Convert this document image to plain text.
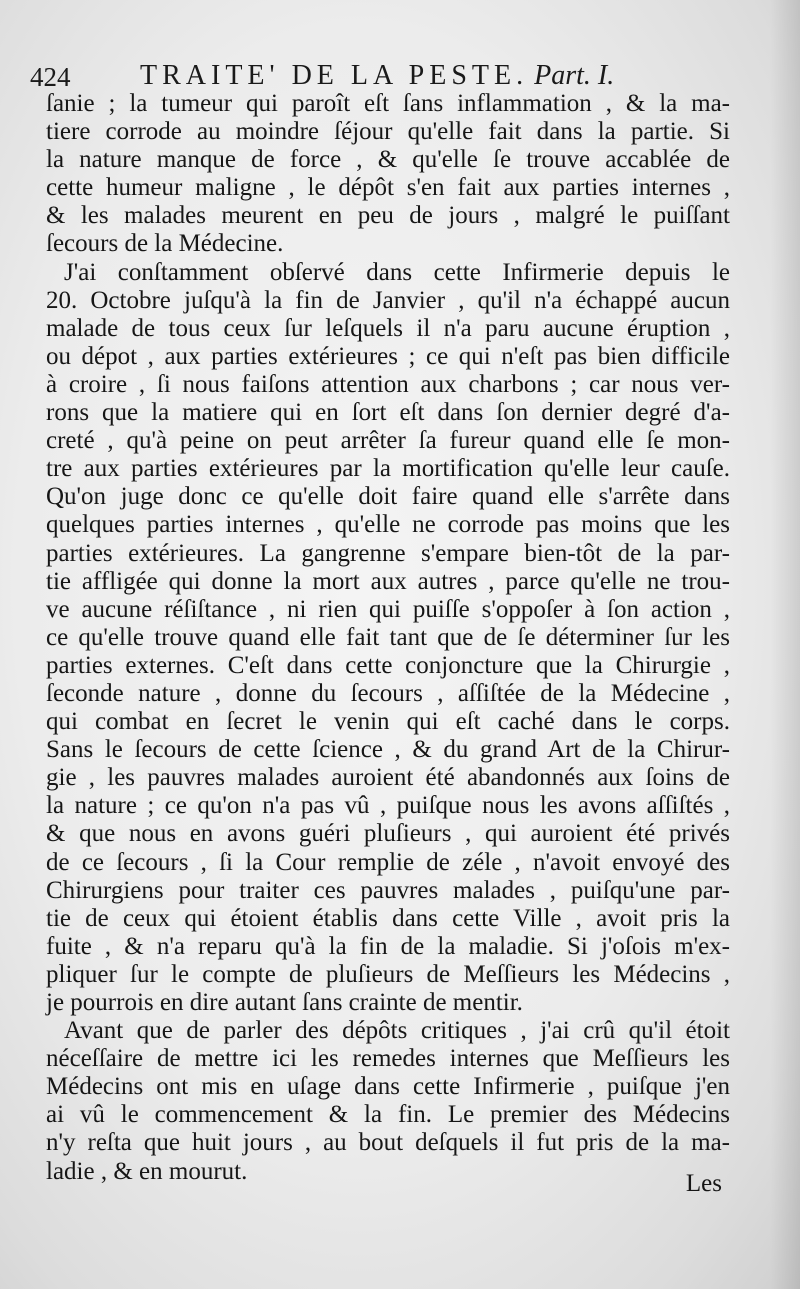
424 TRAITE' DE LA PESTE. Part. I.
ſanie ; la tumeur qui paroît eſt ſans inflammation , & la ma-
tiere corrode au moindre ſéjour qu'elle fait dans la partie. Si
la nature manque de force , & qu'elle ſe trouve accablée de
cette humeur maligne , le dépôt s'en fait aux parties internes ,
& les malades meurent en peu de jours , malgré le puiſſant
ſecours de la Médecine.
J'ai conſtamment obſervé dans cette Infirmerie depuis le
20. Octobre juſqu'à la fin de Janvier , qu'il n'a échappé aucun
malade de tous ceux ſur leſquels il n'a paru aucune éruption ,
ou dépot , aux parties extérieures ; ce qui n'eſt pas bien difficile
à croire , ſi nous faiſons attention aux charbons ; car nous ver-
rons que la matiere qui en ſort eſt dans ſon dernier degré d'a-
creté , qu'à peine on peut arrêter ſa fureur quand elle ſe mon-
tre aux parties extérieures par la mortification qu'elle leur cauſe.
Qu'on juge donc ce qu'elle doit faire quand elle s'arrête dans
quelques parties internes , qu'elle ne corrode pas moins que les
parties extérieures. La gangrenne s'empare bien-tôt de la par-
tie affligée qui donne la mort aux autres , parce qu'elle ne trou-
ve aucune réſiſtance , ni rien qui puiſſe s'oppoſer à ſon action ,
ce qu'elle trouve quand elle fait tant que de ſe déterminer ſur les
parties externes. C'eſt dans cette conjoncture que la Chirurgie ,
ſeconde nature , donne du ſecours , aſſiſtée de la Médecine ,
qui combat en ſecret le venin qui eſt caché dans le corps.
Sans le ſecours de cette ſcience , & du grand Art de la Chirur-
gie , les pauvres malades auroient été abandonnés aux ſoins de
la nature ; ce qu'on n'a pas vû , puiſque nous les avons aſſiſtés ,
& que nous en avons guéri pluſieurs , qui auroient été privés
de ce ſecours , ſi la Cour remplie de zéle , n'avoit envoyé des
Chirurgiens pour traiter ces pauvres malades , puiſqu'une par-
tie de ceux qui étoient établis dans cette Ville , avoit pris la
fuite , & n'a reparu qu'à la fin de la maladie. Si j'oſois m'ex-
pliquer ſur le compte de pluſieurs de Meſſieurs les Médecins ,
je pourrois en dire autant ſans crainte de mentir.
Avant que de parler des dépôts critiques , j'ai crû qu'il étoit
néceſſaire de mettre ici les remedes internes que Meſſieurs les
Médecins ont mis en uſage dans cette Infirmerie , puiſque j'en
ai vû le commencement & la fin. Le premier des Médecins
n'y reſta que huit jours , au bout deſquels il fut pris de la ma-
ladie , & en mourut.	Les
